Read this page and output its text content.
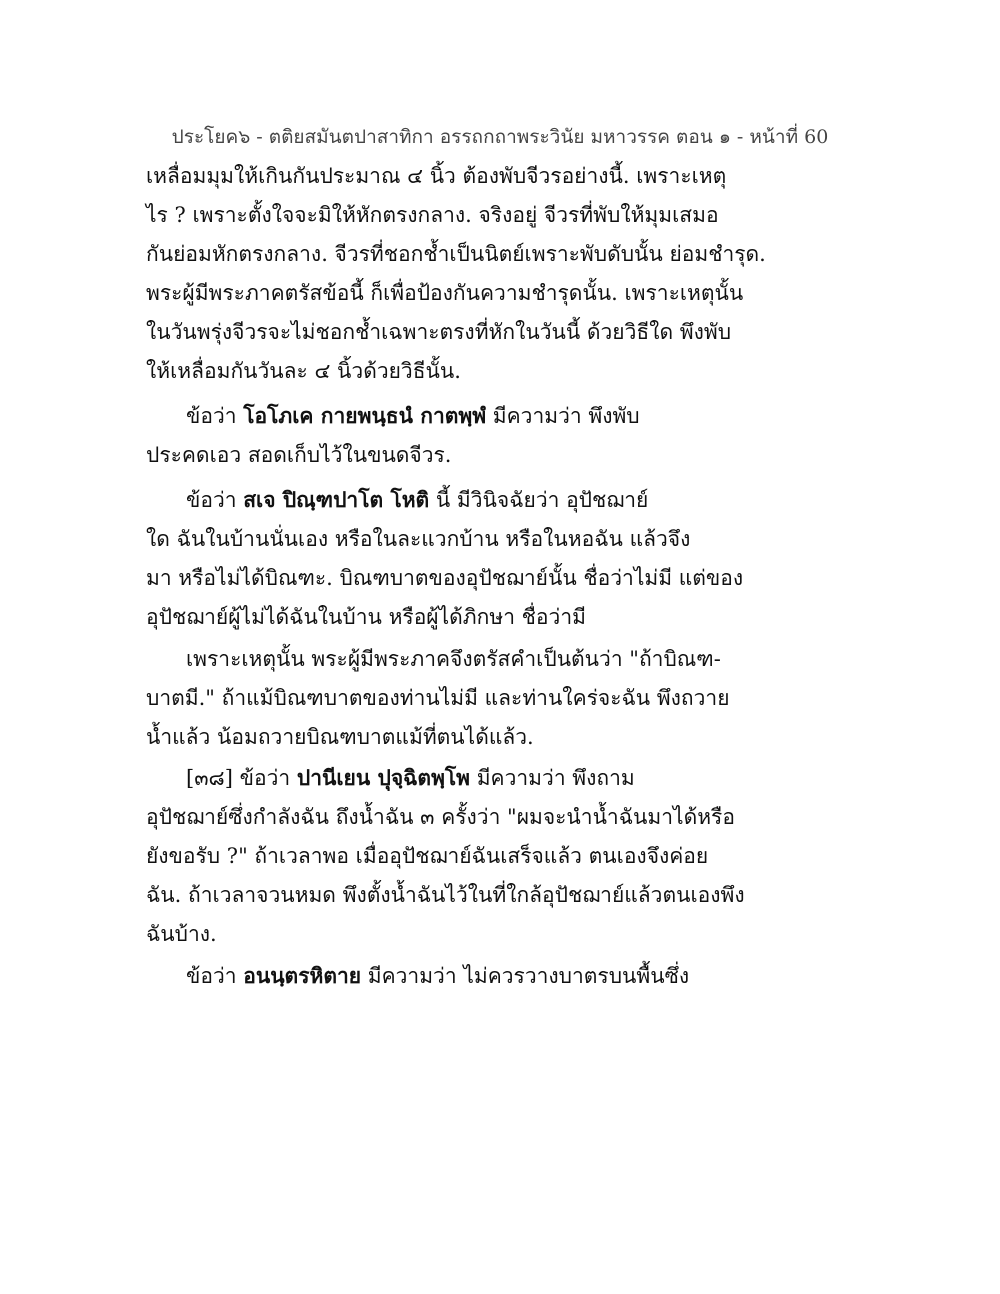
ประโยค๖ - ตติยสมันตปาสาทิกา อรรถกถาพระวินัย มหาวรรค ตอน ๑ - หน้าที่ 60
เหลื่อมมุมให้เกินกันประมาณ ๔ นิ้ว ต้องพับจีวรอย่างนี้. เพราะเหตุ
ไร ? เพราะตั้งใจจะมิให้หักตรงกลาง. จริงอยู่ จีวรที่พับให้มุมเสมอ
กันย่อมหักตรงกลาง. จีวรที่ชอกช้ำเป็นนิตย์เพราะพับดับนั้น ย่อมชำรุด.
พระผู้มีพระภาคตรัสข้อนี้ ก็เพื่อป้องกันความชำรุดนั้น. เพราะเหตุนั้น
ในวันพรุ่งจีวรจะไม่ชอกช้ำเฉพาะตรงที่หักในวันนี้ ด้วยวิธีใด พึงพับ
ให้เหลื่อมกันวันละ ๔ นิ้วด้วยวิธีนั้น.
ข้อว่า โอโภเค กายพนฺธนํ กาตพฺพํ มีความว่า พึงพับ
ประคดเอว สอดเก็บไว้ในขนดจีวร.
ข้อว่า สเจ ปิณฺฑปาโต โหติ นี้ มีวินิจฉัยว่า อุปัชฌาย์
ใด ฉันในบ้านนั่นเอง หรือในละแวกบ้าน หรือในหอฉัน แล้วจึง
มา หรือไม่ได้บิณฑะ. บิณฑบาตของอุปัชฌาย์นั้น ชื่อว่าไม่มี แต่ของ
อุปัชฌาย์ผู้ไม่ได้ฉันในบ้าน หรือผู้ได้ภิกษา ชื่อว่ามี
เพราะเหตุนั้น พระผู้มีพระภาคจึงตรัสคำเป็นต้นว่า "ถ้าบิณฑ-
บาตมี." ถ้าแม้บิณฑบาตของท่านไม่มี และท่านใคร่จะฉัน พึงถวาย
น้ำแล้ว น้อมถวายบิณฑบาตแม้ที่ตนได้แล้ว.
[๓๘] ข้อว่า ปานีเยน ปุจฺฉิตพฺโพ มีความว่า พึงถาม
อุปัชฌาย์ซึ่งกำลังฉัน ถึงน้ำฉัน ๓ ครั้งว่า "ผมจะนำน้ำฉันมาได้หรือ
ยังขอรับ ?" ถ้าเวลาพอ เมื่ออุปัชฌาย์ฉันเสร็จแล้ว ตนเองจึงค่อย
ฉัน. ถ้าเวลาจวนหมด พึงตั้งน้ำฉันไว้ในที่ใกล้อุปัชฌาย์แล้วตนเองพึง
ฉันบ้าง.
ข้อว่า อนนฺตรหิตาย มีความว่า ไม่ควรวางบาตรบนพื้นซึ่ง
